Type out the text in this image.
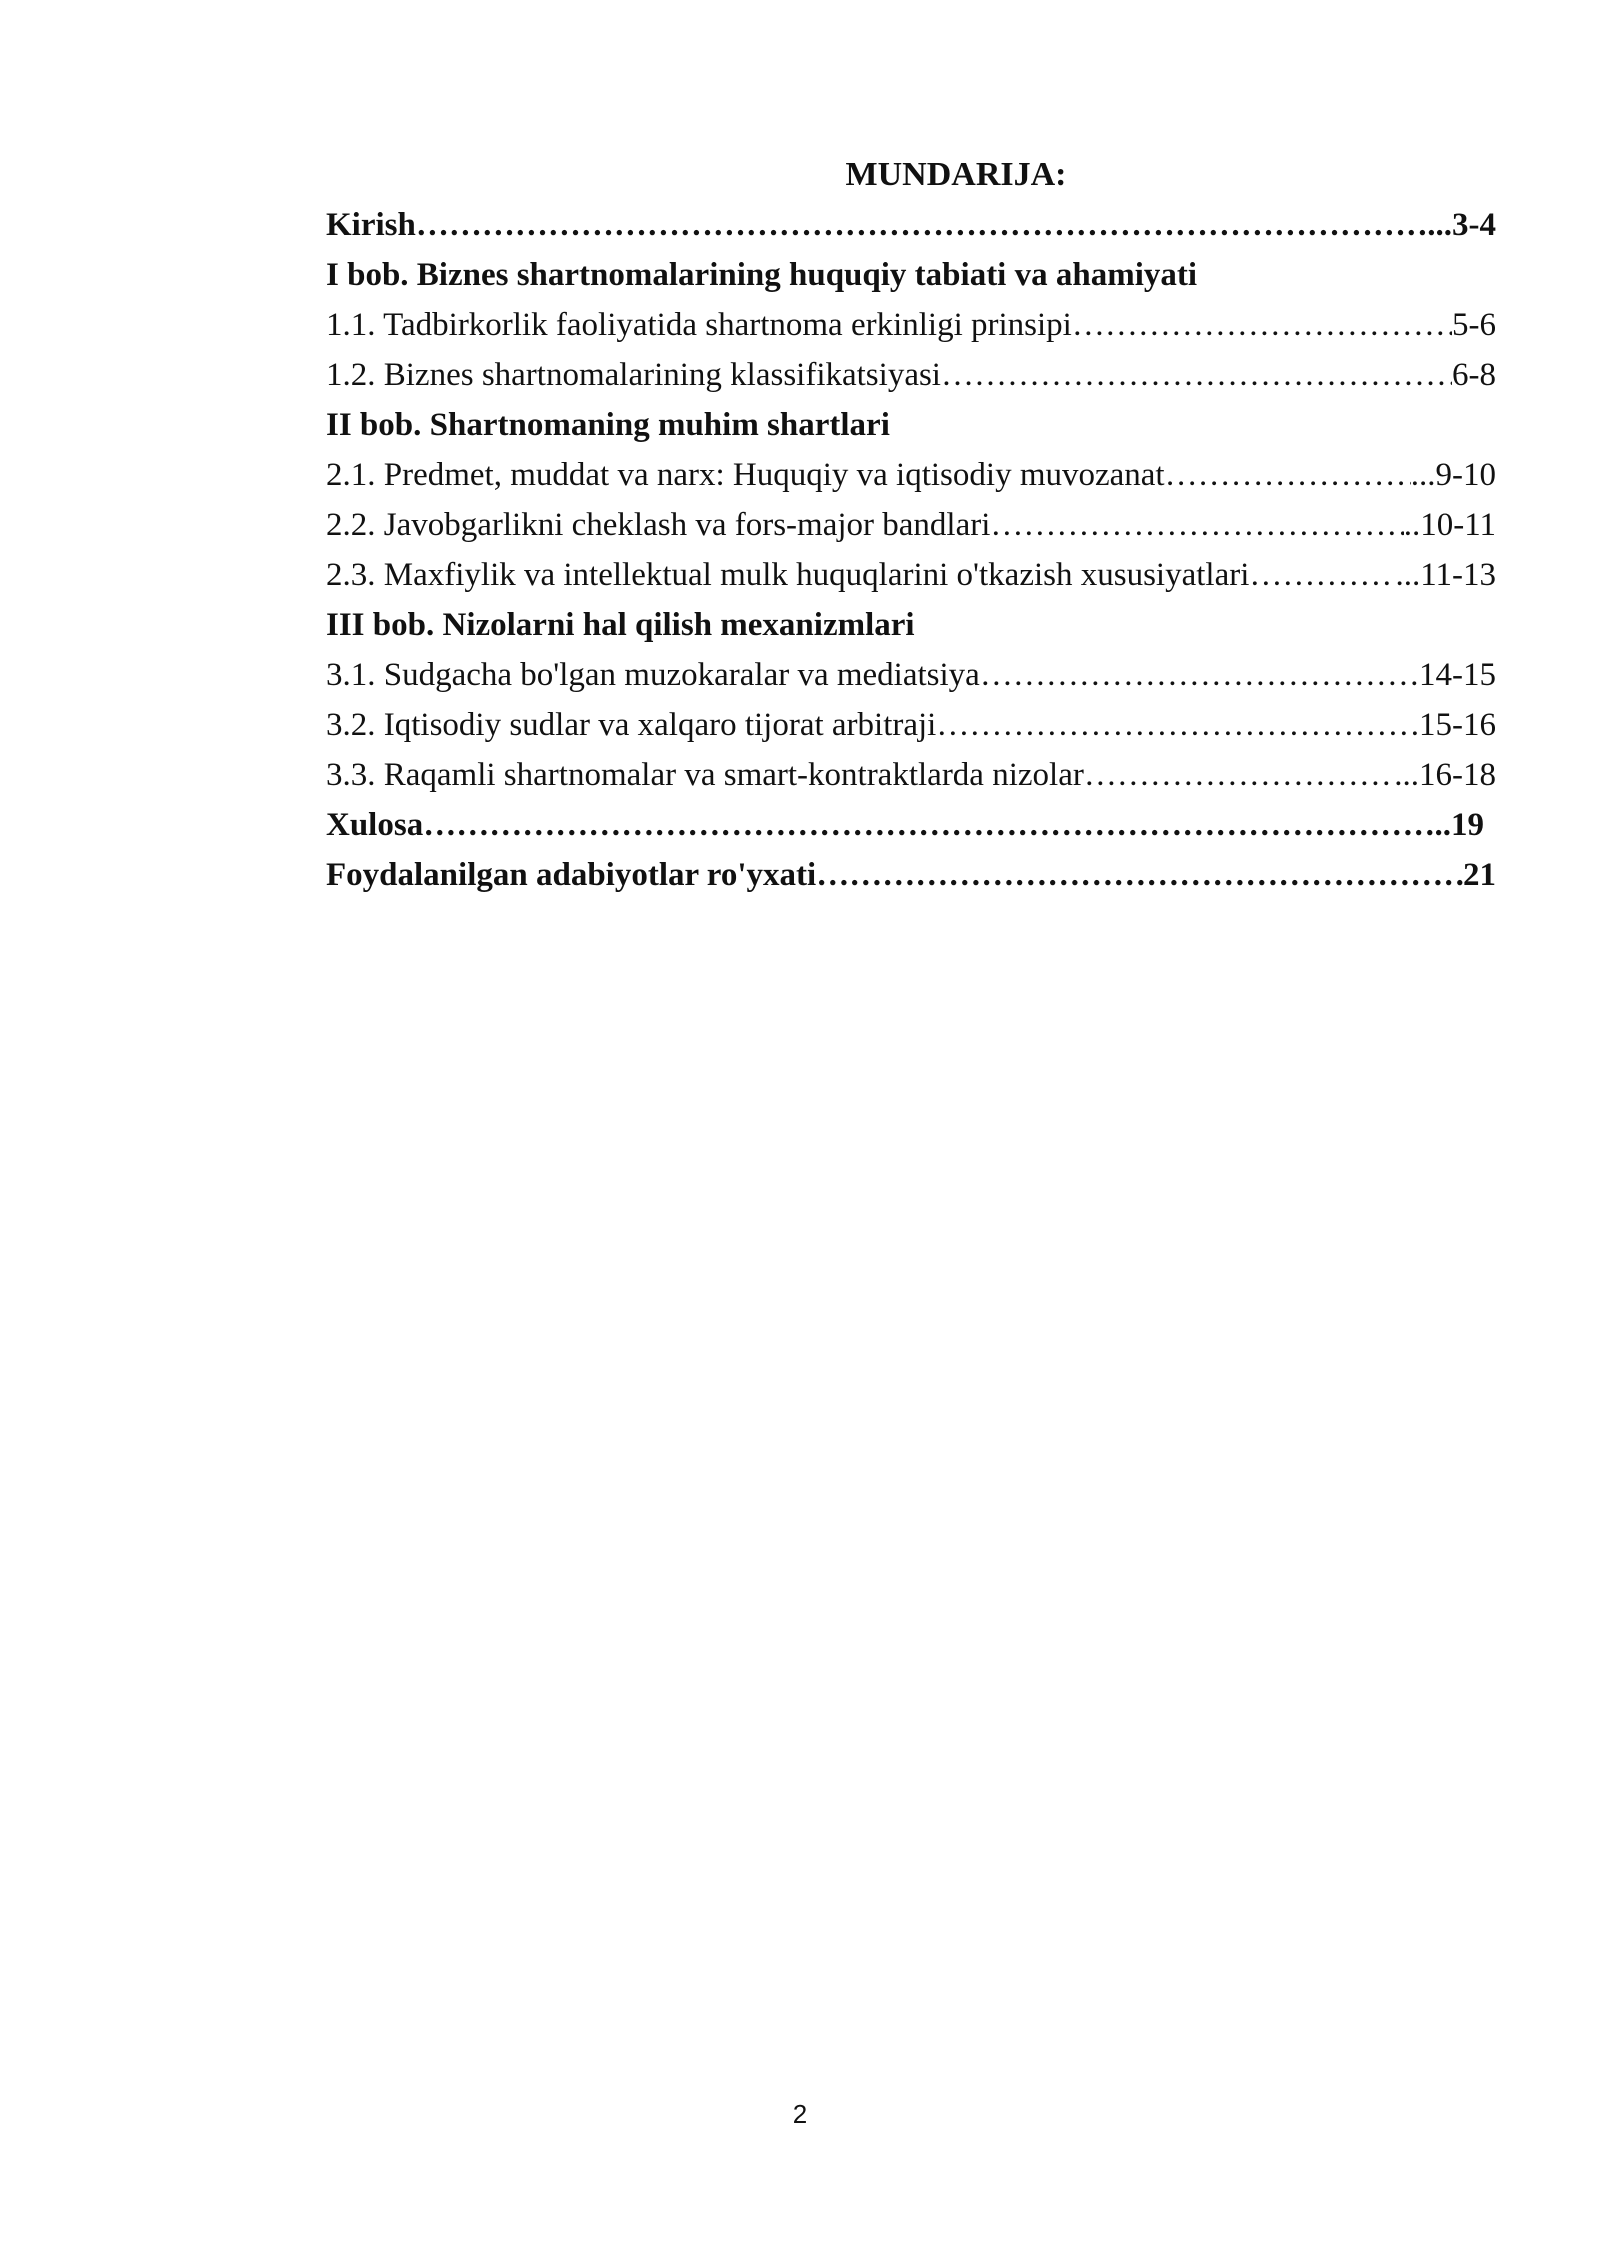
MUNDARIJA:
Kirish ……………………………………………………………………………………………………………………………………………………	...3-4
I bob. Biznes shartnomalarining huquqiy tabiati va ahamiyati
1.1. Tadbirkorlik faoliyatida shartnoma erkinligi prinsipi ……………………………………………………………………………………………………………………………………………………	5-6
1.2. Biznes shartnomalarining klassifikatsiyasi ……………………………………………………………………………………………………………………………………………………	6-8
II bob. Shartnomaning muhim shartlari
2.1. Predmet, muddat va narx: Huquqiy va iqtisodiy muvozanat ……………………………………………………………………………………………………………………………………………………	...9-10
2.2. Javobgarlikni cheklash va fors-major bandlari ……………………………………………………………………………………………………………………………………………………	..10-11
2.3. Maxfiylik va intellektual mulk huquqlarini o'tkazish xususiyatlari ……………………………………………………………………………………………………………………………………………………	...11-13
III bob. Nizolarni hal qilish mexanizmlari
3.1. Sudgacha bo'lgan muzokaralar va mediatsiya ……………………………………………………………………………………………………………………………………………………	14-15
3.2. Iqtisodiy sudlar va xalqaro tijorat arbitraji ……………………………………………………………………………………………………………………………………………………	.15-16
3.3. Raqamli shartnomalar va smart-kontraktlarda nizolar ……………………………………………………………………………………………………………………………………………………	...16-18
Xulosa ……………………………………………………………………………………………………………………………………………………	..19
Foydalanilgan adabiyotlar ro'yxati ……………………………………………………………………………………………………………………………………………………	21
2
